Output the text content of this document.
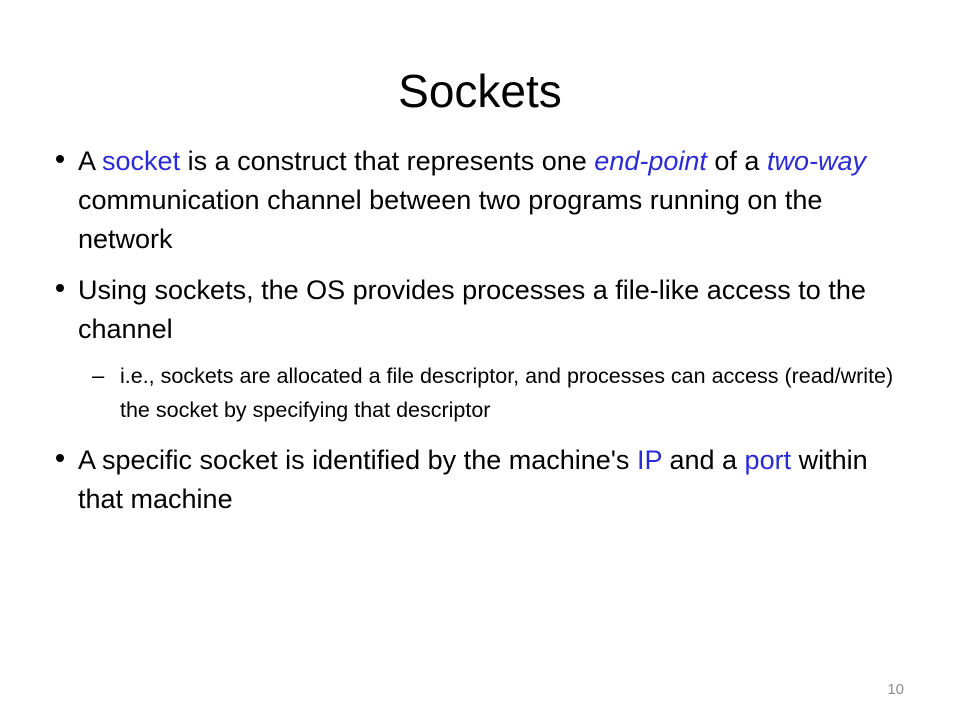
Sockets
A socket is a construct that represents one end-point of a two-way communication channel between two programs running on the network
Using sockets, the OS provides processes a file-like access to the channel
– i.e., sockets are allocated a file descriptor, and processes can access (read/write) the socket by specifying that descriptor
A specific socket is identified by the machine's IP and a port within that machine
10
